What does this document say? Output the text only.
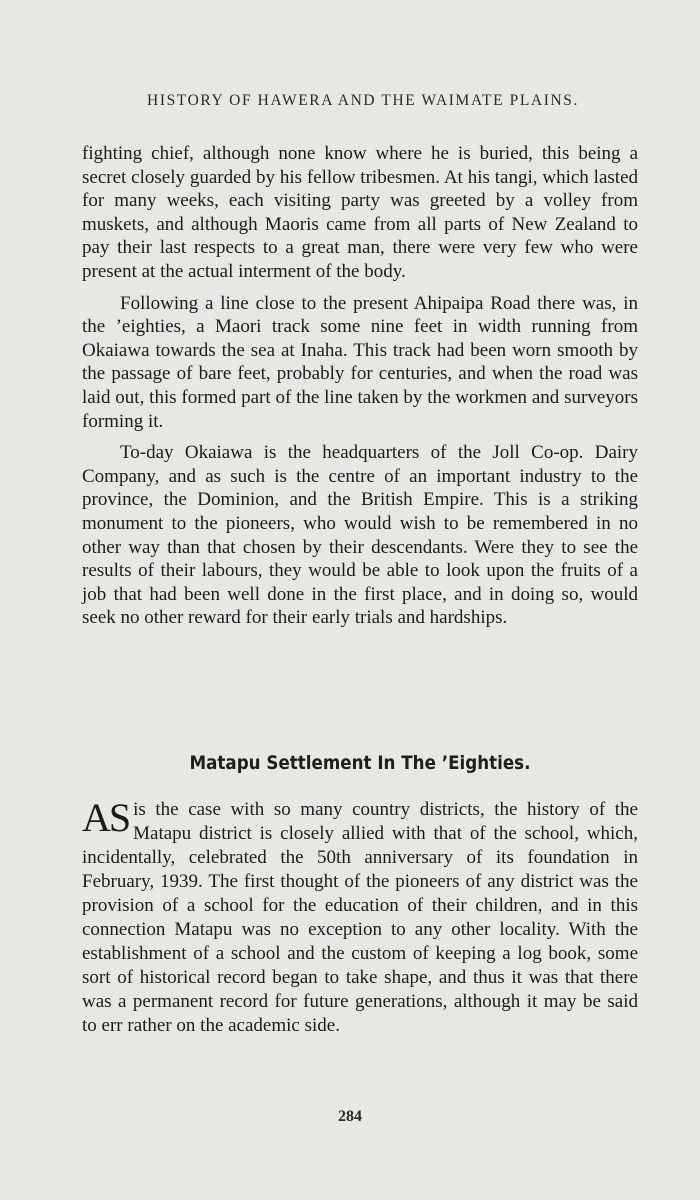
HISTORY OF HAWERA AND THE WAIMATE PLAINS.

fighting chief, although none know where he is buried, this being a secret closely guarded by his fellow tribesmen. At his tangi, which lasted for many weeks, each visiting party was greeted by a volley from muskets, and although Maoris came from all parts of New Zealand to pay their last respects to a great man, there were very few who were present at the actual interment of the body.

Following a line close to the present Ahipaipa Road there was, in the ’eighties, a Maori track some nine feet in width running from Okaiawa towards the sea at Inaha. This track had been worn smooth by the passage of bare feet, probably for centuries, and when the road was laid out, this formed part of the line taken by the workmen and surveyors forming it.

To-day Okaiawa is the headquarters of the Joll Co-op. Dairy Company, and as such is the centre of an important industry to the province, the Dominion, and the British Empire. This is a striking monument to the pioneers, who would wish to be remembered in no other way than that chosen by their descendants. Were they to see the results of their labours, they would be able to look upon the fruits of a job that had been well done in the first place, and in doing so, would seek no other reward for their early trials and hardships.

Matapu Settlement In The ’Eighties.
AS is the case with so many country districts, the history of the Matapu district is closely allied with that of the school, which, incidentally, celebrated the 50th anniversary of its foundation in February, 1939. The first thought of the pioneers of any district was the provision of a school for the education of their children, and in this connection Matapu was no exception to any other locality. With the establishment of a school and the custom of keeping a log book, some sort of historical record began to take shape, and thus it was that there was a permanent record for future generations, although it may be said to err rather on the academic side.
284
